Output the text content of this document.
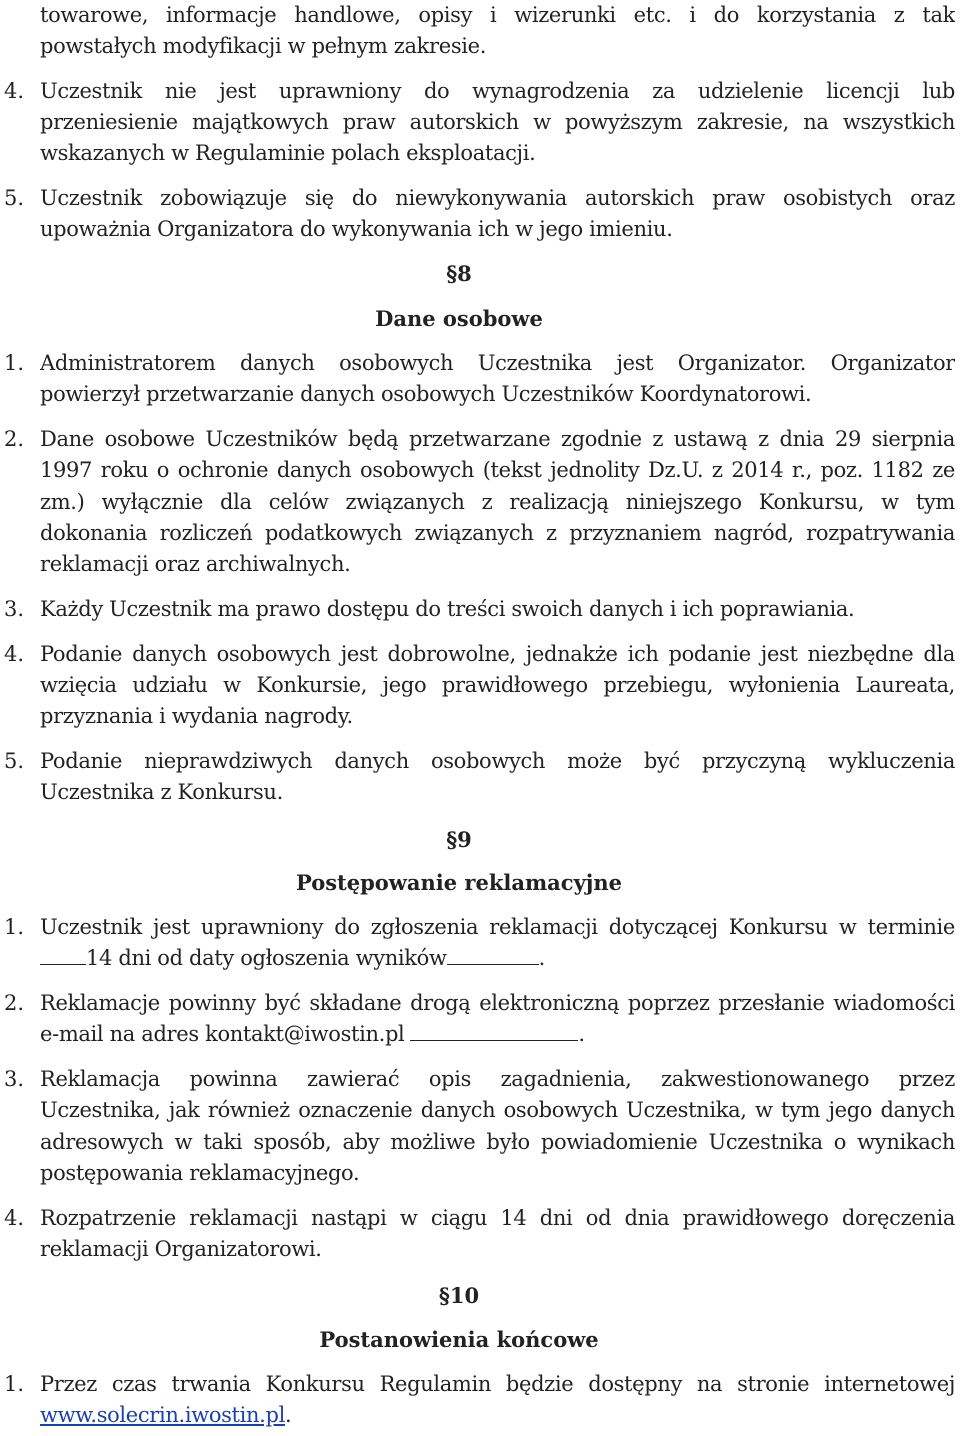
towarowe, informacje handlowe, opisy i wizerunki etc. i do korzystania z tak
powstałych modyfikacji w pełnym zakresie.
4. Uczestnik nie jest uprawniony do wynagrodzenia za udzielenie licencji lub
przeniesienie majątkowych praw autorskich w powyższym zakresie, na wszystkich
wskazanych w Regulaminie polach eksploatacji.
5. Uczestnik zobowiązuje się do niewykonywania autorskich praw osobistych oraz
upoważnia Organizatora do wykonywania ich w jego imieniu.
§8
Dane osobowe
1. Administratorem danych osobowych Uczestnika jest Organizator. Organizator
powierzył przetwarzanie danych osobowych Uczestników Koordynatorowi.
2. Dane osobowe Uczestników będą przetwarzane zgodnie z ustawą z dnia 29 sierpnia
1997 roku o ochronie danych osobowych (tekst jednolity Dz.U. z 2014 r., poz. 1182 ze
zm.) wyłącznie dla celów związanych z realizacją niniejszego Konkursu, w tym
dokonania rozliczeń podatkowych związanych z przyznaniem nagród, rozpatrywania
reklamacji oraz archiwalnych.
3. Każdy Uczestnik ma prawo dostępu do treści swoich danych i ich poprawiania.
4. Podanie danych osobowych jest dobrowolne, jednakże ich podanie jest niezbędne dla
wzięcia udziału w Konkursie, jego prawidłowego przebiegu, wyłonienia Laureata,
przyznania i wydania nagrody.
5. Podanie nieprawdziwych danych osobowych może być przyczyną wykluczenia
Uczestnika z Konkursu.
§9
Postępowanie reklamacyjne
1. Uczestnik jest uprawniony do zgłoszenia reklamacji dotyczącej Konkursu w terminie
14 dni od daty ogłoszenia wyników	.
2. Reklamacje powinny być składane drogą elektroniczną poprzez przesłanie wiadomości
e-mail na adres kontakt@iwostin.pl	.
3. Reklamacja powinna zawierać opis zagadnienia, zakwestionowanego przez
Uczestnika, jak również oznaczenie danych osobowych Uczestnika, w tym jego danych
adresowych w taki sposób, aby możliwe było powiadomienie Uczestnika o wynikach
postępowania reklamacyjnego.
4. Rozpatrzenie reklamacji nastąpi w ciągu 14 dni od dnia prawidłowego doręczenia
reklamacji Organizatorowi.
§10
Postanowienia końcowe
1. Przez czas trwania Konkursu Regulamin będzie dostępny na stronie internetowej
www.solecrin.iwostin.pl.
